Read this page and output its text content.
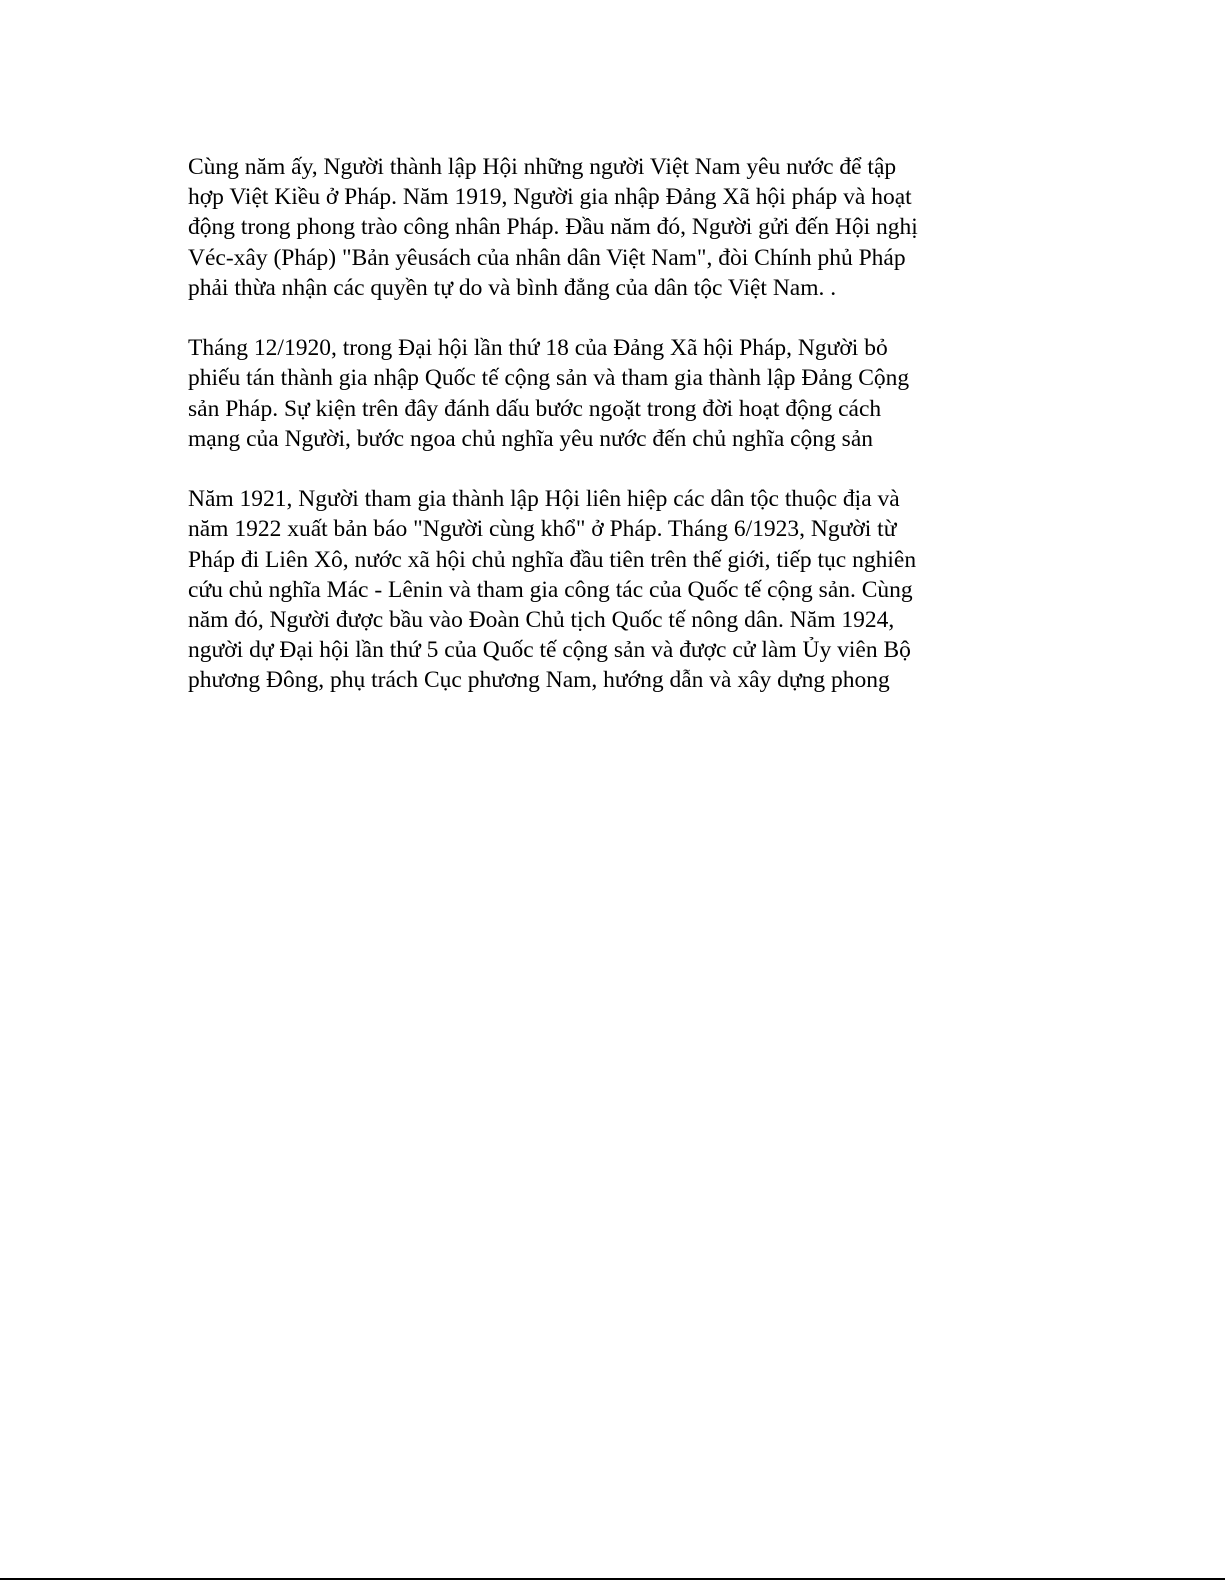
Cùng năm ấy, Người thành lập Hội những người Việt Nam yêu nước để tập
hợp Việt Kiều ở Pháp. Năm 1919, Người gia nhập Đảng Xã hội pháp và hoạt
động trong phong trào công nhân Pháp. Đầu năm đó, Người gửi đến Hội nghị
Véc-xây (Pháp) "Bản yêusách của nhân dân Việt Nam", đòi Chính phủ Pháp
phải thừa nhận các quyền tự do và bình đẳng của dân tộc Việt Nam. .

Tháng 12/1920, trong Đại hội lần thứ 18 của Đảng Xã hội Pháp, Người bỏ
phiếu tán thành gia nhập Quốc tế cộng sản và tham gia thành lập Đảng Cộng
sản Pháp. Sự kiện trên đây đánh dấu bước ngoặt trong đời hoạt động cách
mạng của Người, bước ngoa chủ nghĩa yêu nước đến chủ nghĩa cộng sản

Năm 1921, Người tham gia thành lập Hội liên hiệp các dân tộc thuộc địa và
năm 1922 xuất bản báo "Người cùng khổ" ở Pháp. Tháng 6/1923, Người từ
Pháp đi Liên Xô, nước xã hội chủ nghĩa đầu tiên trên thế giới, tiếp tục nghiên
cứu chủ nghĩa Mác - Lênin và tham gia công tác của Quốc tế cộng sản. Cùng
năm đó, Người được bầu vào Đoàn Chủ tịch Quốc tế nông dân. Năm 1924,
người dự Đại hội lần thứ 5 của Quốc tế cộng sản và được cử làm Ủy viên Bộ
phương Đông, phụ trách Cục phương Nam, hướng dẫn và xây dựng phong
